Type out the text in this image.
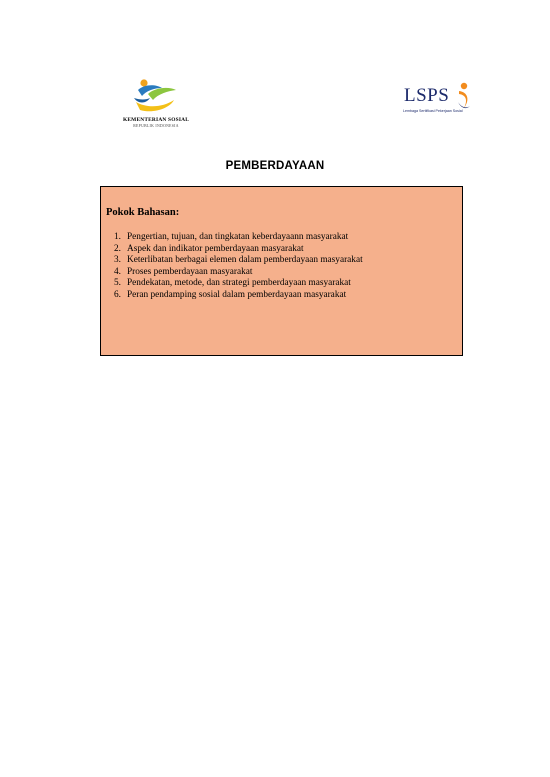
KEMENTERIAN SOSIAL
REPUBLIK INDONESIA
LSPS
Lembaga Sertifikasi Pekerjaan Sosial
PEMBERDAYAAN
Pokok Bahasan:
1. Pengertian, tujuan, dan tingkatan keberdayaann masyarakat
2. Aspek dan indikator pemberdayaan masyarakat
3. Keterlibatan berbagai elemen dalam pemberdayaan masyarakat
4. Proses pemberdayaan masyarakat
5. Pendekatan, metode, dan strategi pemberdayaan masyarakat
6. Peran pendamping sosial dalam pemberdayaan masyarakat
